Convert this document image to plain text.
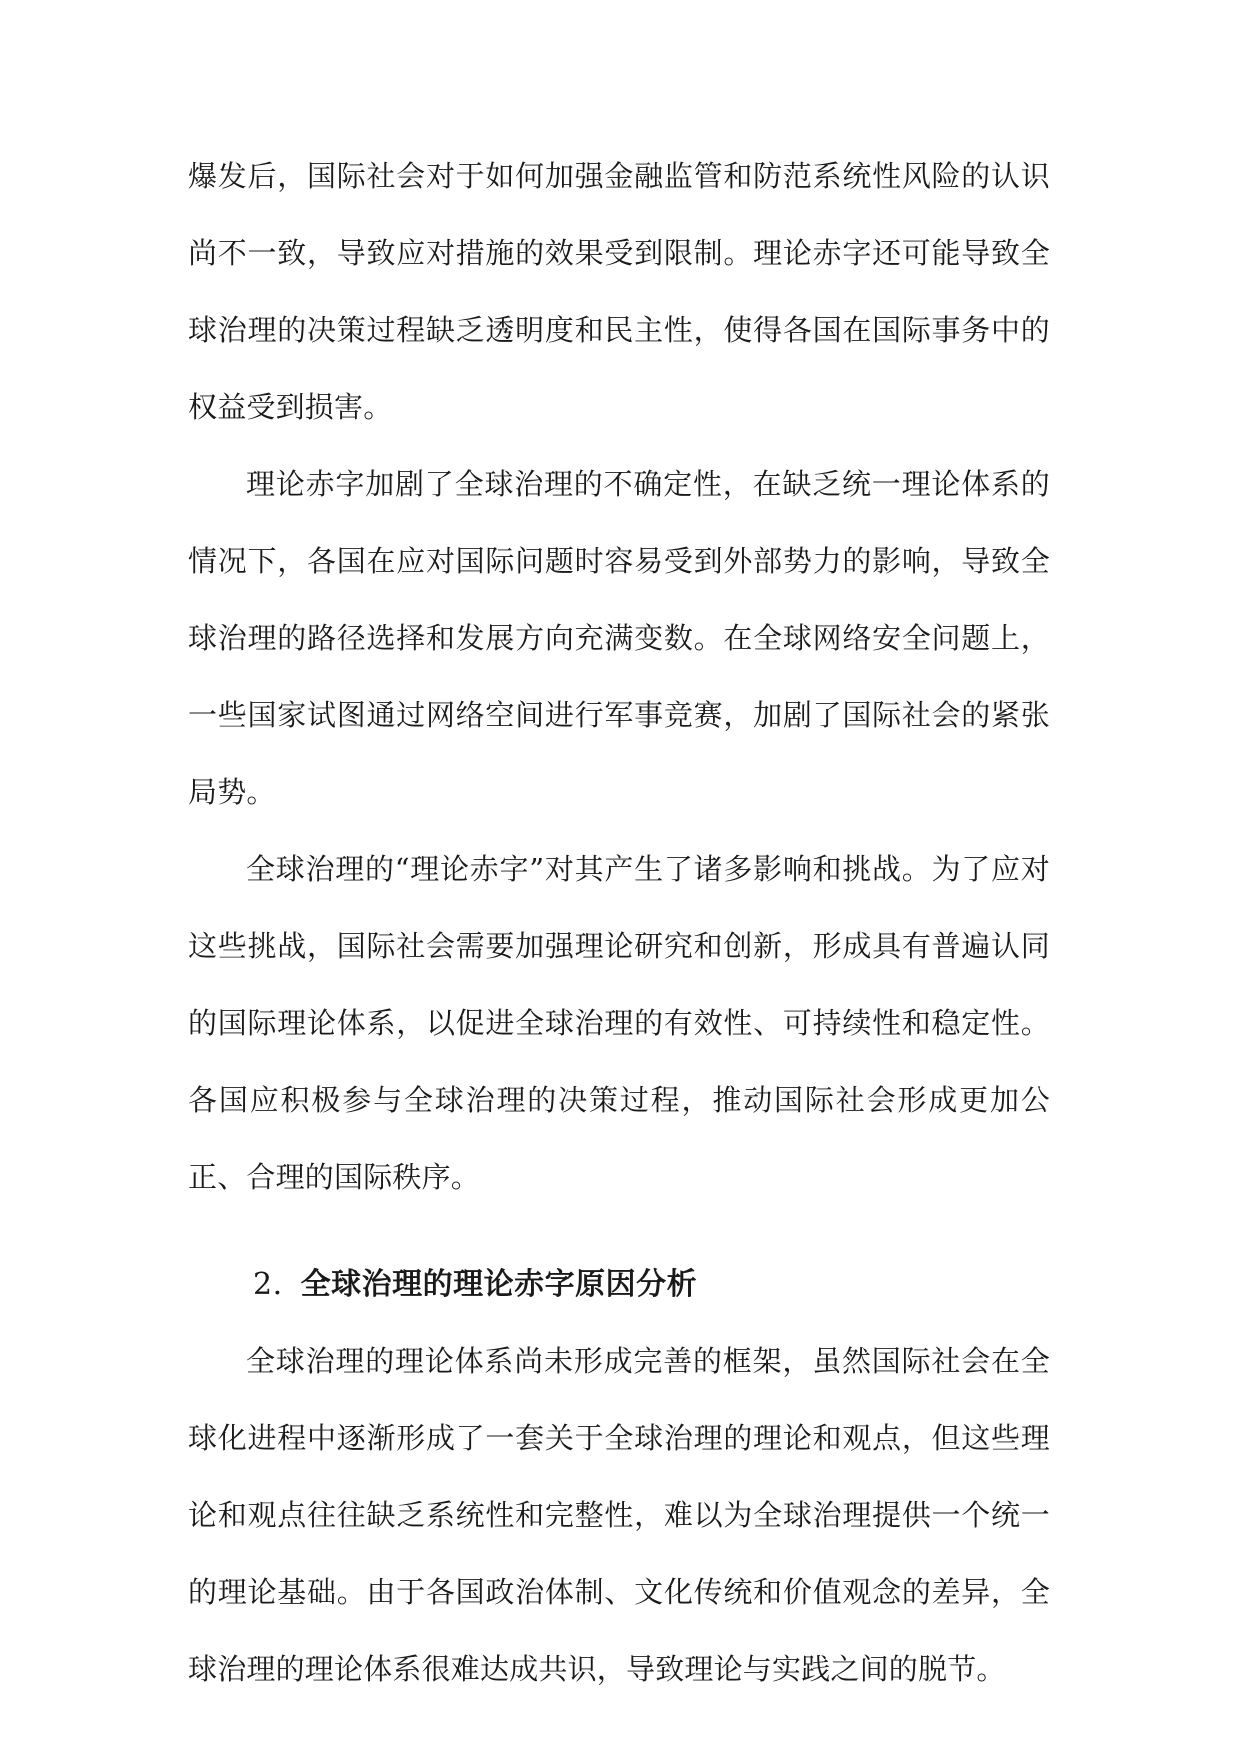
爆发后，国际社会对于如何加强金融监管和防范系统性风险的认识尚不一致，导致应对措施的效果受到限制。理论赤字还可能导致全球治理的决策过程缺乏透明度和民主性，使得各国在国际事务中的权益受到损害。

理论赤字加剧了全球治理的不确定性，在缺乏统一理论体系的情况下，各国在应对国际问题时容易受到外部势力的影响，导致全球治理的路径选择和发展方向充满变数。在全球网络安全问题上，一些国家试图通过网络空间进行军事竞赛，加剧了国际社会的紧张局势。

全球治理的“理论赤字”对其产生了诸多影响和挑战。为了应对这些挑战，国际社会需要加强理论研究和创新，形成具有普遍认同的国际理论体系，以促进全球治理的有效性、可持续性和稳定性。各国应积极参与全球治理的决策过程，推动国际社会形成更加公正、合理的国际秩序。

2. 全球治理的理论赤字原因分析

全球治理的理论体系尚未形成完善的框架，虽然国际社会在全球化进程中逐渐形成了一套关于全球治理的理论和观点，但这些理论和观点往往缺乏系统性和完整性，难以为全球治理提供一个统一的理论基础。由于各国政治体制、文化传统和价值观念的差异，全球治理的理论体系很难达成共识，导致理论与实践之间的脱节。
